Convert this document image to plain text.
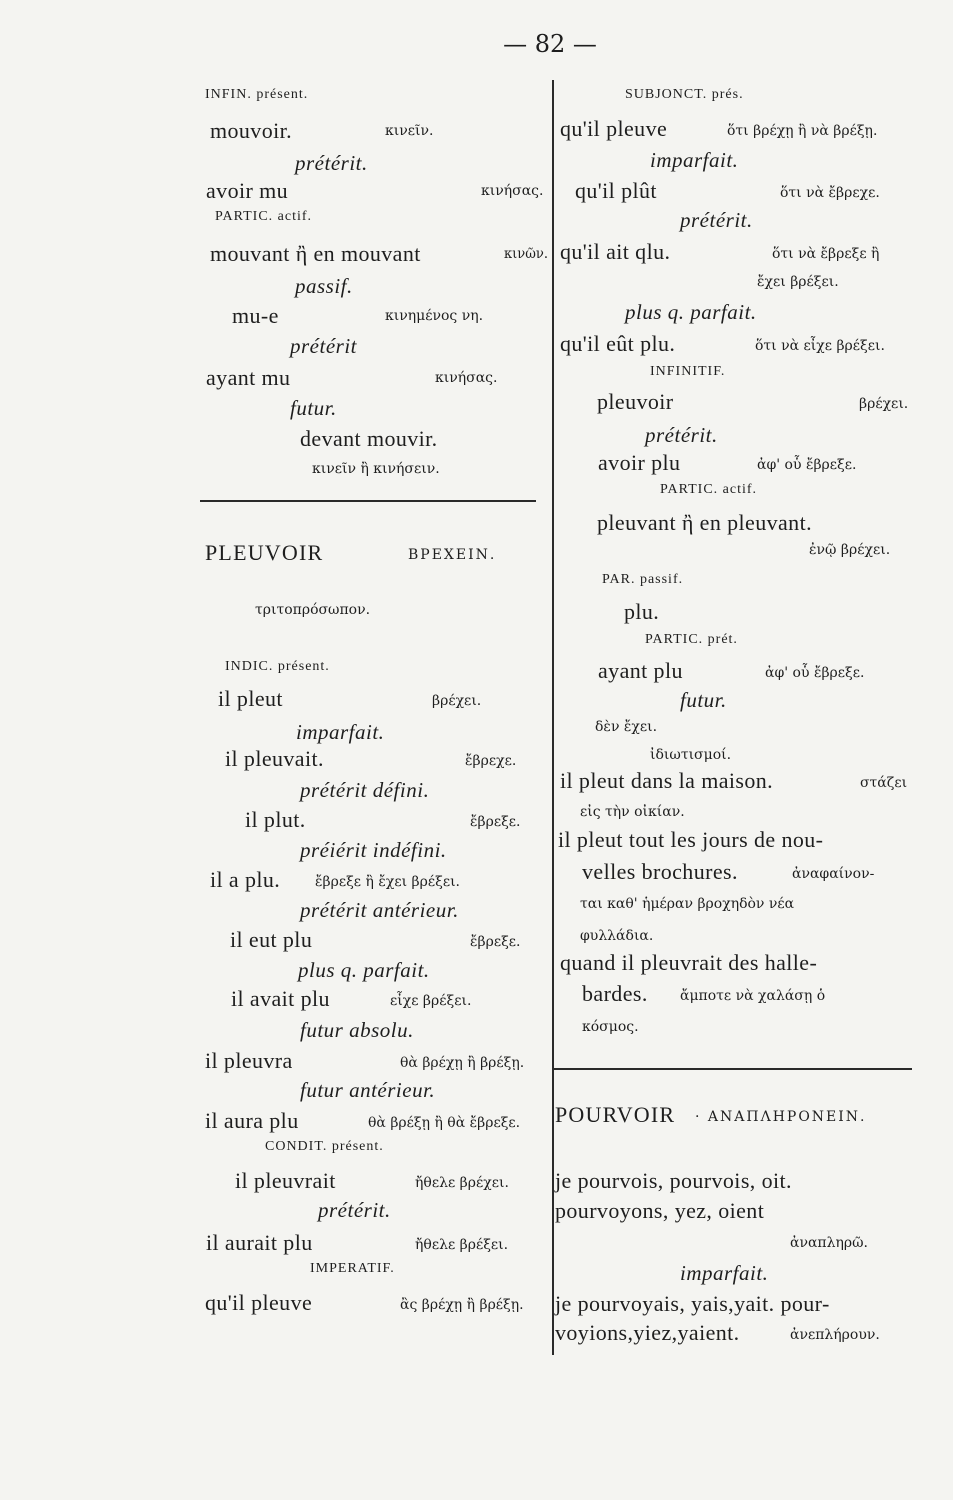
— 82 —
INFIN. présent.
mouvoir.	κινεῖν.
prétérit.
avoir mu	κινήσας.
PARTIC. actif.
mouvant ἢ en mouvant	κινῶν.
passif.
mu-e	κινημένος νη.
prétérit
ayant mu	κινήσας.
futur.
devant mouvir.
κινεῖν ἢ κινήσειν.
PLEUVOIR	ΒΡΕΧΕΙΝ.
τριτοπρόσωπον.
INDIC. présent.
il pleut	βρέχει.
imparfait.
il pleuvait.	ἔβρεχε.
prétérit défini.
il plut.	ἔβρεξε.
préiérit indéfini.
il a plu. ἔβρεξε ἢ ἔχει βρέξει.
prétérit antérieur.
il eut plu	ἔβρεξε.
plus q. parfait.
il avait plu	εἶχε βρέξει.
futur absolu.
il pleuvra	θὰ βρέχῃ ἢ βρέξῃ.
futur antérieur.
il aura plu	θὰ βρέξῃ ἢ θὰ ἔβρεξε.
CONDIT. présent.
il pleuvrait	ἤθελε βρέχει.
prétérit.
il aurait plu	ἤθελε βρέξει.
IMPERATIF.
qu'il pleuve	ἂς βρέχῃ ἢ βρέξῃ.
SUBJONCT. prés.
qu'il pleuve	ὅτι βρέχῃ ἢ νὰ βρέξῃ.
imparfait.
qu'il plût	ὅτι νὰ ἔβρεχε.
prétérit.
qu'il ait qlu.	ὅτι νὰ ἔβρεξε ἢ
ἔχει βρέξει.
plus q. parfait.
qu'il eût plu.	ὅτι νὰ εἶχε βρέξει.
INFINITIF.
pleuvoir	βρέχει.
prétérit.
avoir plu	ἀφ' οὗ ἔβρεξε.
PARTIC. actif.
pleuvant ἢ en pleuvant.
ἐνῷ βρέχει.
PAR. passif.
plu.
PARTIC. prét.
ayant plu	ἀφ' οὗ ἔβρεξε.
futur.
δὲν ἔχει.
ἰδιωτισμοί.
il pleut dans la maison.	στάζει
εἰς τὴν οἰκίαν.
il pleut tout les jours de nou-
velles brochures.	ἀναφαίνον-
ται καθ' ἡμέραν βροχηδὸν νέα
φυλλάδια.
quand il pleuvrait des halle-
bardes. ἄμποτε νὰ χαλάσῃ ὁ
κόσμος.
POURVOIR · ΑΝΑΠΛΗΡΟΝΕΙΝ.
je pourvois, pourvois, oit.
pourvoyons, yez, oient
ἀναπληρῶ.
imparfait.
je pourvoyais, yais,yait. pour-
voyions,yiez,yaient.	ἀνεπλήρουν.
